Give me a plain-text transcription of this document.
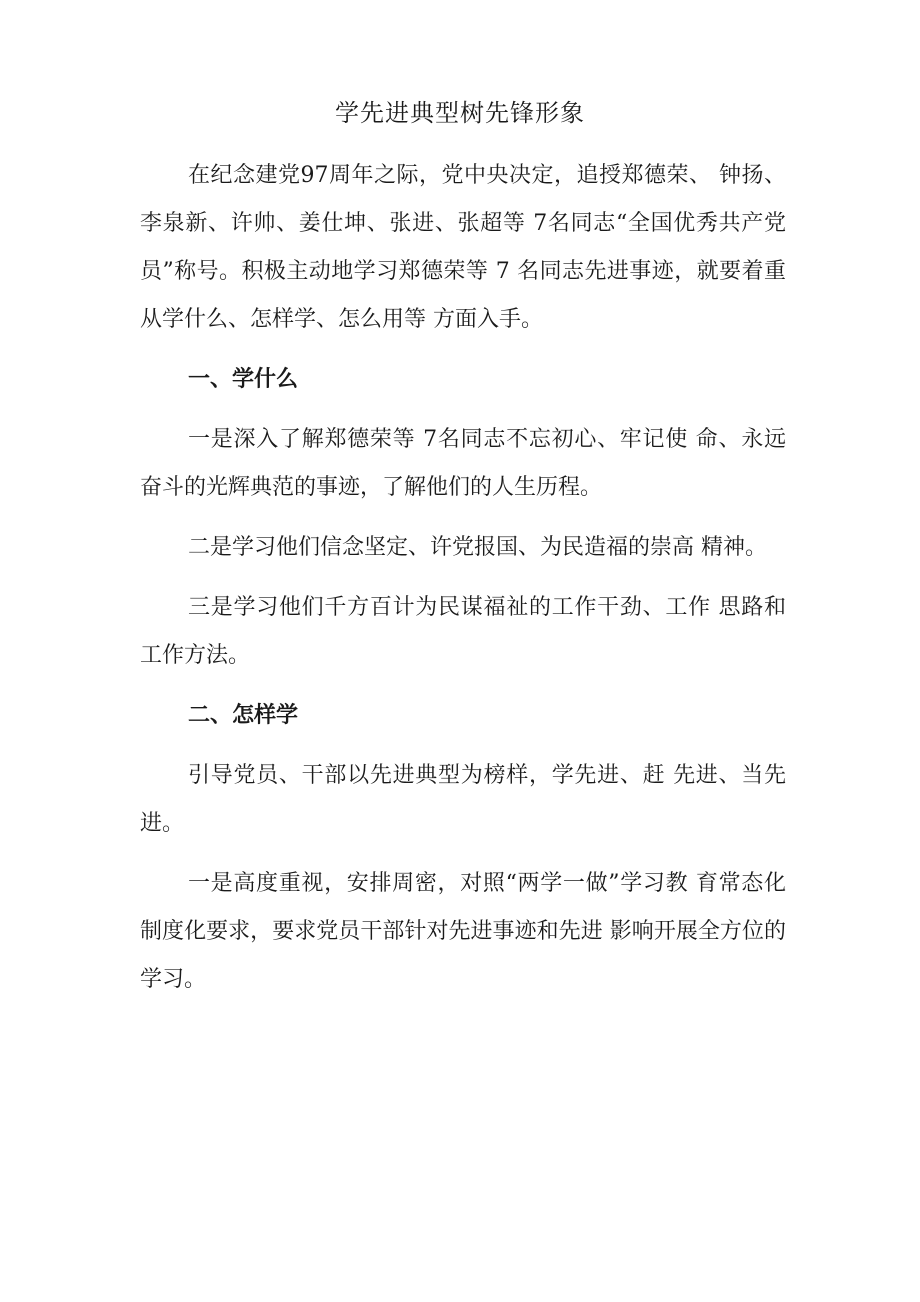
学先进典型树先锋形象

在纪念建党97周年之际，党中央决定，追授郑德荣、 钟扬、李泉新、许帅、姜仕坤、张进、张超等 7名同志“全国优秀共产党员”称号。积极主动地学习郑德荣等 7 名同志先进事迹，就要着重从学什么、怎样学、怎么用等 方面入手。

一、学什么

一是深入了解郑德荣等 7名同志不忘初心、牢记使 命、永远奋斗的光辉典范的事迹，了解他们的人生历程。

二是学习他们信念坚定、许党报国、为民造福的崇高 精神。

三是学习他们千方百计为民谋福祉的工作干劲、工作 思路和工作方法。

二、怎样学

引导党员、干部以先进典型为榜样，学先进、赶 先进、当先进。

一是高度重视，安排周密，对照“两学一做”学习教 育常态化制度化要求，要求党员干部针对先进事迹和先进 影响开展全方位的学习。
